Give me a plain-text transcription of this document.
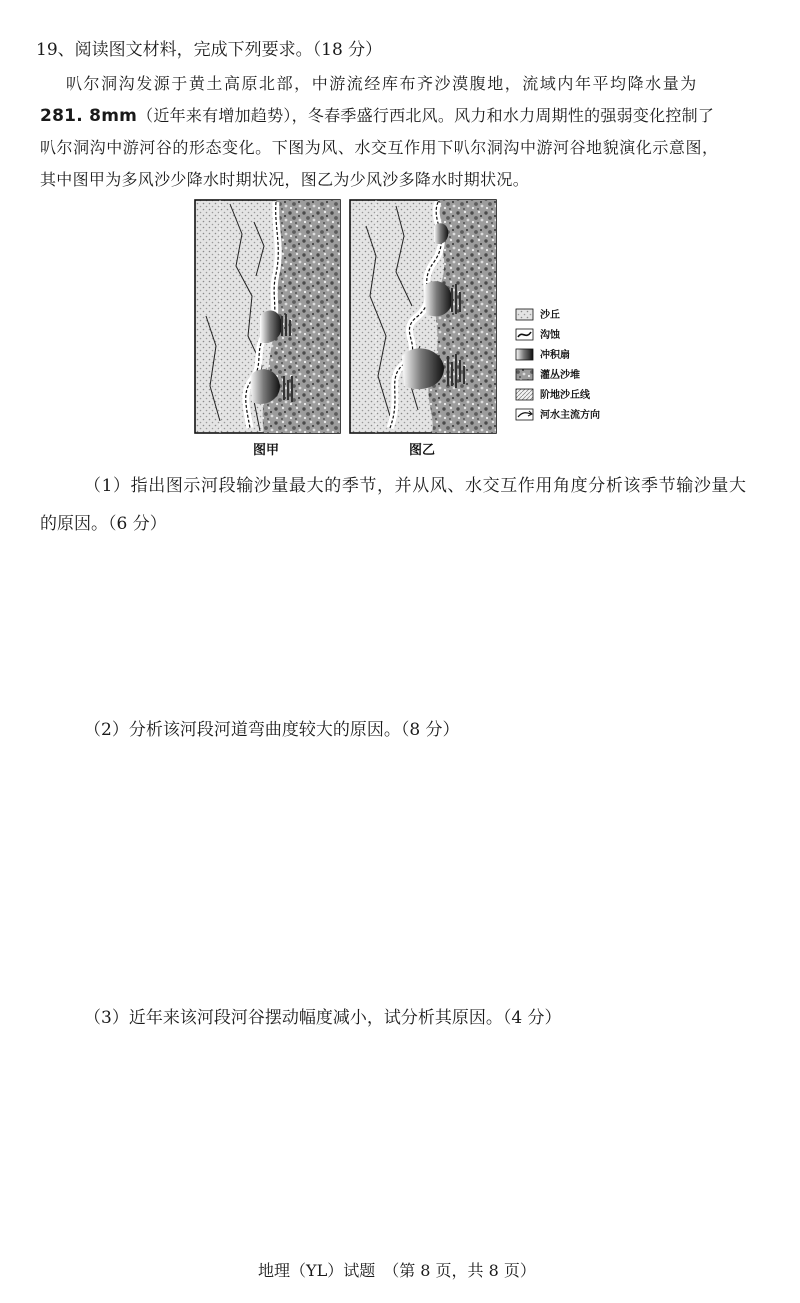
19、阅读图文材料，完成下列要求。（18 分）
叭尔洞沟发源于黄土高原北部，中游流经库布齐沙漠腹地，流域内年平均降水量为
281. 8mm（近年来有增加趋势），冬春季盛行西北风。风力和水力周期性的强弱变化控制了
叭尔洞沟中游河谷的形态变化。下图为风、水交互作用下叭尔洞沟中游河谷地貌演化示意图，
其中图甲为多风沙少降水时期状况，图乙为少风沙多降水时期状况。
沙丘
沟蚀
冲积扇
灌丛沙堆
阶地沙丘线
河水主流方向
图甲	图乙
（1）指出图示河段输沙量最大的季节，并从风、水交互作用角度分析该季节输沙量大
的原因。（6 分）
（2）分析该河段河道弯曲度较大的原因。（8 分）
（3）近年来该河段河谷摆动幅度减小，试分析其原因。（4 分）
地理（YL）试题　（第 8 页，共 8 页）
